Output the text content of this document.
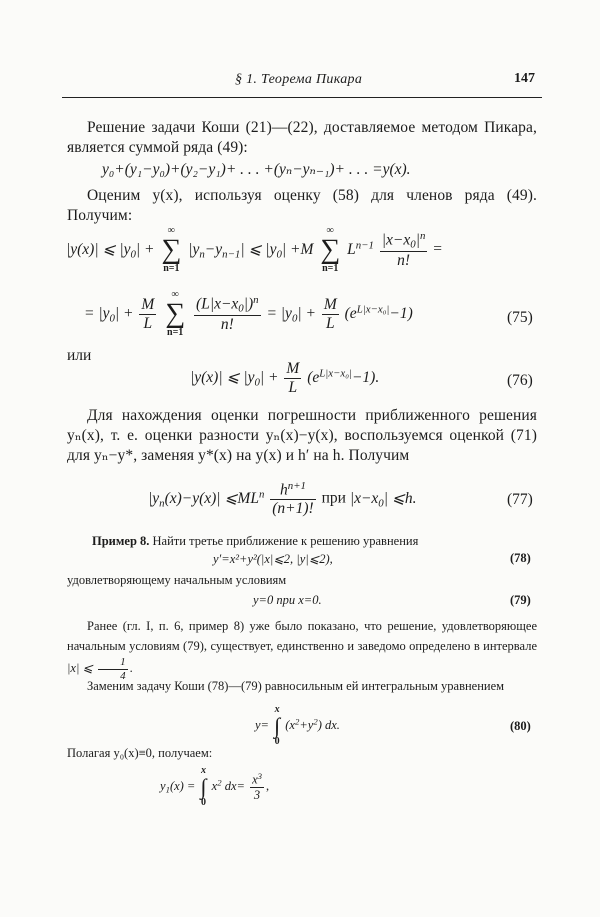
§ 1. Теорема Пикара	147
Решение задачи Коши (21)—(22), доставляемое методом Пикара, является суммой ряда (49):
y₀+(y₁−y₀)+(y₂−y₁)+ . . . +(yₙ−yₙ₋₁)+ . . . =y(x).
Оценим y(x), используя оценку (58) для членов ряда (49). Получим:
|y(x)| ⩽ $|y_0|$ +
∞
∑
n=1
$|y_n-y_{n-1}|$ ⩽ $|y_0| +M$
∞
∑
n=1
$L^{n-1} \frac{|x-x_0|^n}{n!}$ =
= $|y_0| + \frac{M}{L}$

∞
∑
n=1
$\frac{(L|x-x_0|)^n}{n!} = |y_0| + \frac{M}{L} (e^{L|x-x_0|}-1)$	(75)
или
|y(x)| ⩽ $|y_0| + \frac{M}{L} (e^{L|x-x_0|}-1)$.	(76)
Для нахождения оценки погрешности приближенного решения yₙ(x), т. е. оценки разности yₙ(x)−y(x), воспользуемся оценкой (71) для yₙ−y*, заменяя y*(x) на y(x) и h′ на h. Получим
$|y_n(x)-y(x)|$ $⩽ML^n \frac{h^{n+1}}{(n+1)!}$ при $|x-x_0|$ ⩽h.	(77)
Пример 8. Найти третье приближение к решению уравнения
y′=x²+y²(|x|⩽2, |y|⩽2),	(78)
удовлетворяющему начальным условиям
y=0 при x=0.	(79)
Ранее (гл. I, п. 6, пример 8) уже было показано, что решение, удовлетворяющее начальным условиям (79), существует, единственно и заведомо определено в интервале |x| ⩽ $\frac{1}{4}$ .
Заменим задачу Коши (78)—(79) равносильным ей интегральным уравнением
y=
x
∫
0
$(x^2+y^2)$ dx.	(80)
Полагая y₀(x)≡0, получаем:
$y_1(x)$ =
x
∫
0
$x^2$ $dx= \frac{x^3}{3}$ ,
